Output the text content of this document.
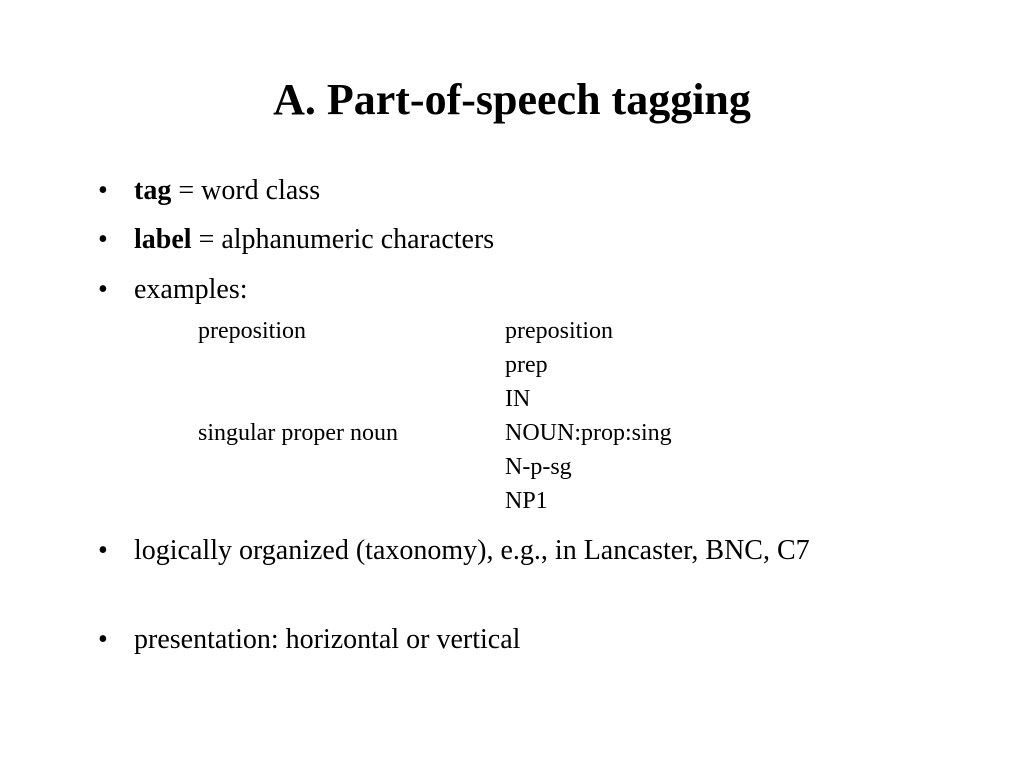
A. Part-of-speech tagging
• tag = word class
• label = alphanumeric characters
• examples:
preposition	preposition
prep
IN
singular proper noun	NOUN:prop:sing
N-p-sg
NP1
• logically organized (taxonomy), e.g., in Lancaster, BNC, C7
• presentation: horizontal or vertical
